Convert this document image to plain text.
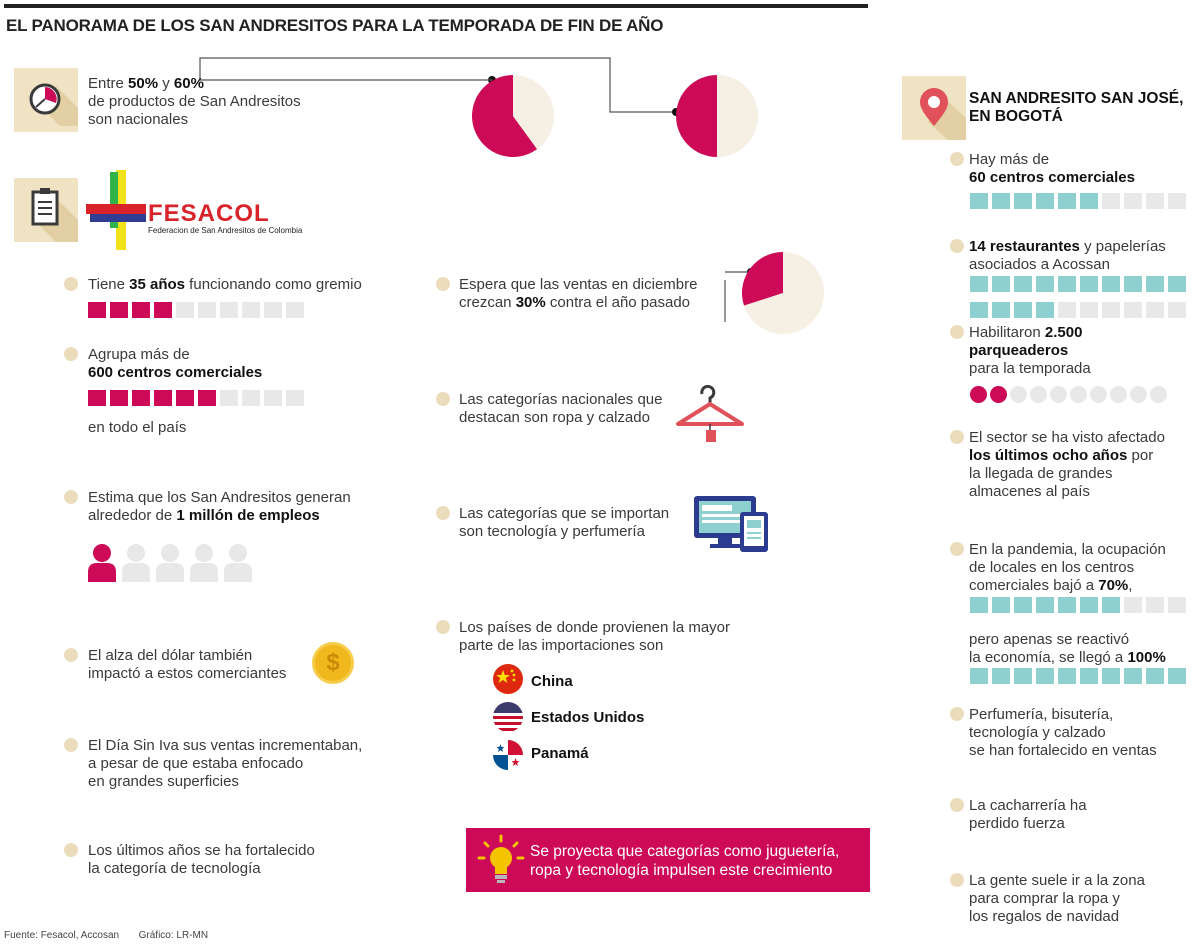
EL PANORAMA DE LOS SAN ANDRESITOS PARA LA TEMPORADA DE FIN DE AÑO
Entre 50% y 60%
de productos de San Andresitos
son nacionales
FESACOL
Federacion de San Andresitos de Colombia
Tiene 35 años funcionando como gremio
Agrupa más de
600 centros comerciales
en todo el país
Estima que los San Andresitos generan
alrededor de 1 millón de empleos
El alza del dólar también
impactó a estos comerciantes	$
El Día Sin Iva sus ventas incrementaban,
a pesar de que estaba enfocado
en grandes superficies
Los últimos años se ha fortalecido
la categoría de tecnología
Espera que las ventas en diciembre
crezcan 30% contra el año pasado
Las categorías nacionales que
destacan son ropa y calzado
Las categorías que se importan
son tecnología y perfumería
Los países de donde provienen la mayor
parte de las importaciones son
China
Estados Unidos
Panamá
Se proyecta que categorías como juguetería,
ropa y tecnología impulsen este crecimiento
SAN ANDRESITO SAN JOSÉ,
EN BOGOTÁ
Hay más de
60 centros comerciales
14 restaurantes y papelerías
asociados a Acossan
Habilitaron 2.500
parqueaderos
para la temporada
El sector se ha visto afectado
los últimos ocho años por
la llegada de grandes
almacenes al país
En la pandemia, la ocupación
de locales en los centros
comerciales bajó a 70%,
pero apenas se reactivó
la economía, se llegó a 100%
Perfumería, bisutería,
tecnología y calzado
se han fortalecido en ventas
La cacharrería ha
perdido fuerza
La gente suele ir a la zona
para comprar la ropa y
los regalos de navidad
Fuente: Fesacol, Accosan Gráfico: LR-MN
